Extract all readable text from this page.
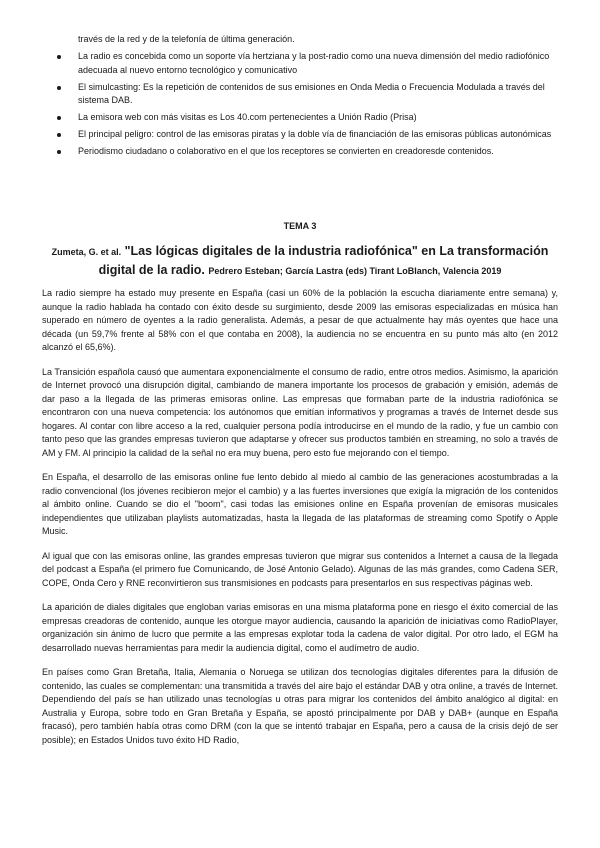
través de la red y de la telefonía de última generación.
La radio es concebida como un soporte vía hertziana y la post-radio como una nueva dimensión del medio radiofónico adecuada al nuevo entorno tecnológico y comunicativo
El simulcasting: Es la repetición de contenidos de sus emisiones en Onda Media o Frecuencia Modulada a través del sistema DAB.
La emisora web con más visitas es Los 40.com pertenecientes a Unión Radio (Prisa)
El principal peligro: control de las emisoras piratas y la doble vía de financiación de las emisoras públicas autonómicas
Periodismo ciudadano o colaborativo en el que los receptores se convierten en creadoresde contenidos.
TEMA 3
Zumeta, G. et al. "Las lógicas digitales de la industria radiofónica" en La transformación digital de la radio. Pedrero Esteban; García Lastra (eds) Tirant LoBlanch, Valencia 2019

La radio siempre ha estado muy presente en España (casi un 60% de la población la escucha diariamente entre semana) y, aunque la radio hablada ha contado con éxito desde su surgimiento, desde 2009 las emisoras especializadas en música han superado en número de oyentes a la radio generalista. Además, a pesar de que actualmente hay más oyentes que hace una década (un 59,7% frente al 58% con el que contaba en 2008), la audiencia no se encuentra en su punto más alto (en 2012 alcanzó el 65,6%).

La Transición española causó que aumentara exponencialmente el consumo de radio, entre otros medios. Asimismo, la aparición de Internet provocó una disrupción digital, cambiando de manera importante los procesos de grabación y emisión, además de dar paso a la llegada de las primeras emisoras online. Las empresas que formaban parte de la industria radiofónica se encontraron con una nueva competencia: los autónomos que emitían informativos y programas a través de Internet desde sus hogares. Al contar con libre acceso a la red, cualquier persona podía introducirse en el mundo de la radio, y fue un cambio con tanto peso que las grandes empresas tuvieron que adaptarse y ofrecer sus productos también en streaming, no solo a través de AM y FM. Al principio la calidad de la señal no era muy buena, pero esto fue mejorando con el tiempo.

En España, el desarrollo de las emisoras online fue lento debido al miedo al cambio de las generaciones acostumbradas a la radio convencional (los jóvenes recibieron mejor el cambio) y a las fuertes inversiones que exigía la migración de los contenidos al ámbito online. Cuando se dio el "boom", casi todas las emisiones online en España provenían de emisoras musicales independientes que utilizaban playlists automatizadas, hasta la llegada de las plataformas de streaming como Spotify o Apple Music.

Al igual que con las emisoras online, las grandes empresas tuvieron que migrar sus contenidos a Internet a causa de la llegada del podcast a España (el primero fue Comunicando, de José Antonio Gelado). Algunas de las más grandes, como Cadena SER, COPE, Onda Cero y RNE reconvirtieron sus transmisiones en podcasts para presentarlos en sus respectivas páginas web.

La aparición de diales digitales que engloban varias emisoras en una misma plataforma pone en riesgo el éxito comercial de las empresas creadoras de contenido, aunque les otorgue mayor audiencia, causando la aparición de iniciativas como RadioPlayer, organización sin ánimo de lucro que permite a las empresas explotar toda la cadena de valor digital. Por otro lado, el EGM ha desarrollado nuevas herramientas para medir la audiencia digital, como el audímetro de audio.

En países como Gran Bretaña, Italia, Alemania o Noruega se utilizan dos tecnologías digitales diferentes para la difusión de contenido, las cuales se complementan: una transmitida a través del aire bajo el estándar DAB y otra online, a través de Internet. Dependiendo del país se han utilizado unas tecnologías u otras para migrar los contenidos del ámbito analógico al digital: en Australia y Europa, sobre todo en Gran Bretaña y España, se apostó principalmente por DAB y DAB+ (aunque en España fracasó), pero también había otras como DRM (con la que se intentó trabajar en España, pero a causa de la crisis dejó de ser posible); en Estados Unidos tuvo éxito HD Radio,
